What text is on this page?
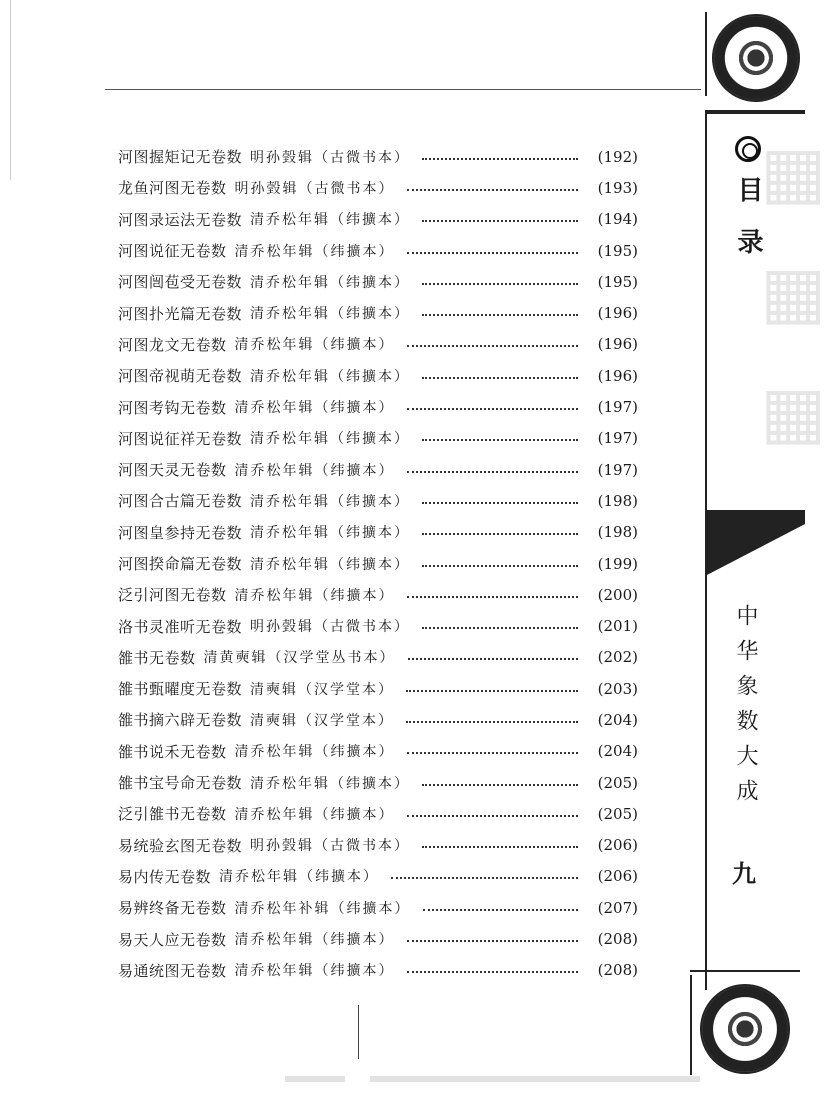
河图握矩记无卷数 明孙瑴辑（古微书本）	(192)
龙鱼河图无卷数 明孙瑴辑（古微书本）	(193)
河图录运法无卷数 清乔松年辑（纬擴本）	(194)
河图说征无卷数 清乔松年辑（纬擴本）	(195)
河图闿苞受无卷数 清乔松年辑（纬擴本）	(195)
河图扑光篇无卷数 清乔松年辑（纬擴本）	(196)
河图龙文无卷数 清乔松年辑（纬擴本）	(196)
河图帝视萌无卷数 清乔松年辑（纬擴本）	(196)
河图考钩无卷数 清乔松年辑（纬擴本）	(197)
河图说征祥无卷数 清乔松年辑（纬擴本）	(197)
河图天灵无卷数 清乔松年辑（纬擴本）	(197)
河图合古篇无卷数 清乔松年辑（纬擴本）	(198)
河图皇参持无卷数 清乔松年辑（纬擴本）	(198)
河图揆命篇无卷数 清乔松年辑（纬擴本）	(199)
泛引河图无卷数 清乔松年辑（纬擴本）	(200)
洛书灵准听无卷数 明孙瑴辑（古微书本）	(201)
雒书无卷数 清黄奭辑（汉学堂丛书本）	(202)
雒书甄曜度无卷数 清奭辑（汉学堂本）	(203)
雒书摘六辟无卷数 清奭辑（汉学堂本）	(204)
雒书说禾无卷数 清乔松年辑（纬擴本）	(204)
雒书宝号命无卷数 清乔松年辑（纬擴本）	(205)
泛引雒书无卷数 清乔松年辑（纬擴本）	(205)
易统验玄图无卷数 明孙瑴辑（古微书本）	(206)
易内传无卷数 清乔松年辑（纬擴本）	(206)
易辨终备无卷数 清乔松年补辑（纬擴本）	(207)
易天人应无卷数 清乔松年辑（纬擴本）	(208)
易通统图无卷数 清乔松年辑（纬擴本）	(208)
▦
▦
▦
目录
中华象数大成
九
